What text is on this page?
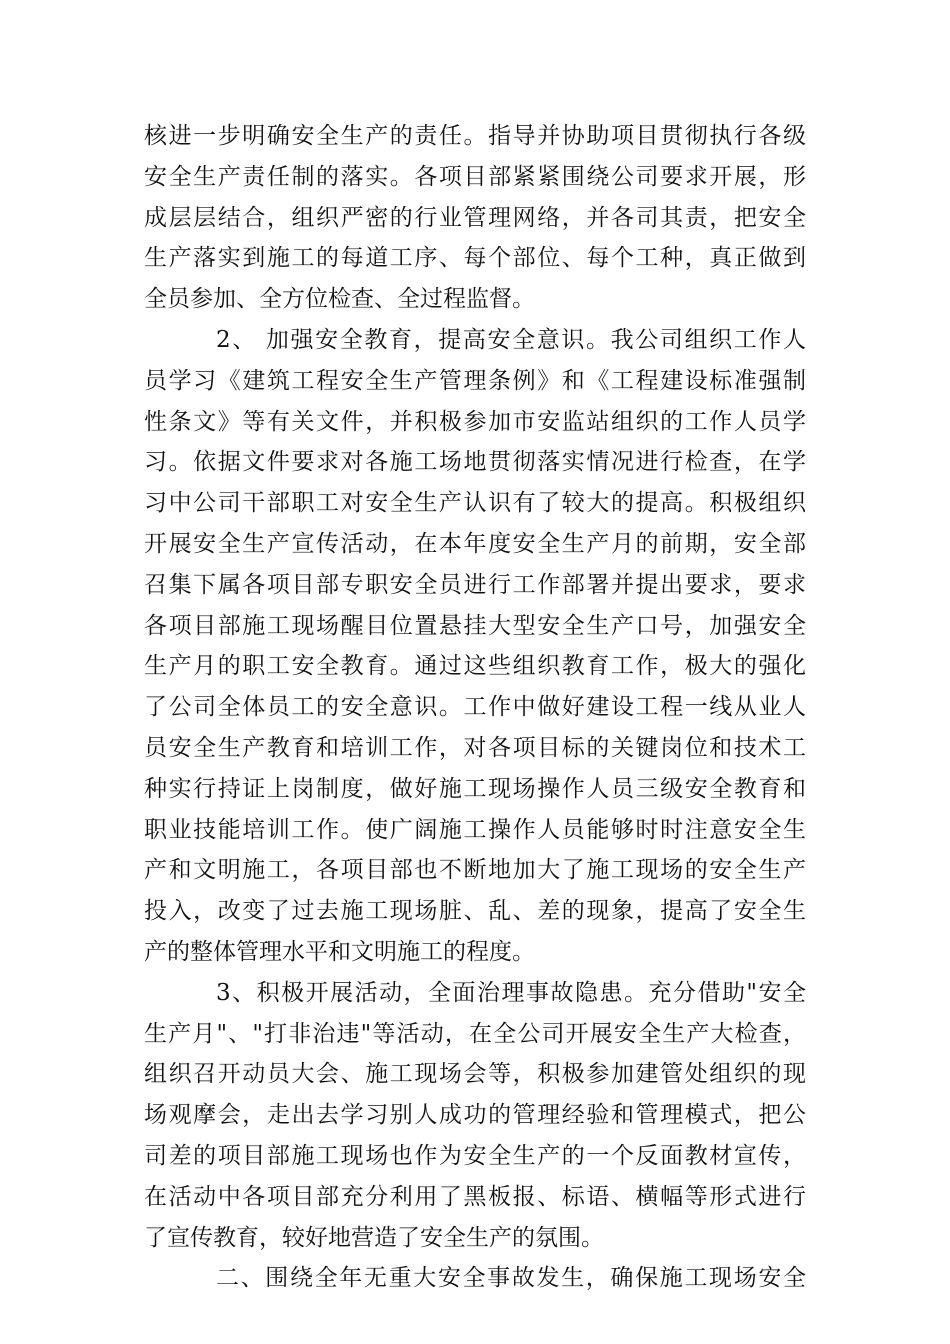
核进一步明确安全生产的责任。指导并协助项目贯彻执行各级
安全生产责任制的落实。各项目部紧紧围绕公司要求开展，形
成层层结合，组织严密的行业管理网络，并各司其责，把安全
生产落实到施工的每道工序、每个部位、每个工种，真正做到
全员参加、全方位检查、全过程监督。
2、 加强安全教育，提高安全意识。我公司组织工作人
员学习《建筑工程安全生产管理条例》和《工程建设标准强制
性条文》等有关文件，并积极参加市安监站组织的工作人员学
习。依据文件要求对各施工场地贯彻落实情况进行检查，在学
习中公司干部职工对安全生产认识有了较大的提高。积极组织
开展安全生产宣传活动，在本年度安全生产月的前期，安全部
召集下属各项目部专职安全员进行工作部署并提出要求，要求
各项目部施工现场醒目位置悬挂大型安全生产口号，加强安全
生产月的职工安全教育。通过这些组织教育工作，极大的强化
了公司全体员工的安全意识。工作中做好建设工程一线从业人
员安全生产教育和培训工作，对各项目标的关键岗位和技术工
种实行持证上岗制度，做好施工现场操作人员三级安全教育和
职业技能培训工作。使广阔施工操作人员能够时时注意安全生
产和文明施工，各项目部也不断地加大了施工现场的安全生产
投入，改变了过去施工现场脏、乱、差的现象，提高了安全生
产的整体管理水平和文明施工的程度。
3、积极开展活动，全面治理事故隐患。充分借助"安全
生产月"、"打非治违"等活动，在全公司开展安全生产大检查，
组织召开动员大会、施工现场会等，积极参加建管处组织的现
场观摩会，走出去学习别人成功的管理经验和管理模式，把公
司差的项目部施工现场也作为安全生产的一个反面教材宣传，
在活动中各项目部充分利用了黑板报、标语、横幅等形式进行
了宣传教育，较好地营造了安全生产的氛围。
二、围绕全年无重大安全事故发生，确保施工现场安全
